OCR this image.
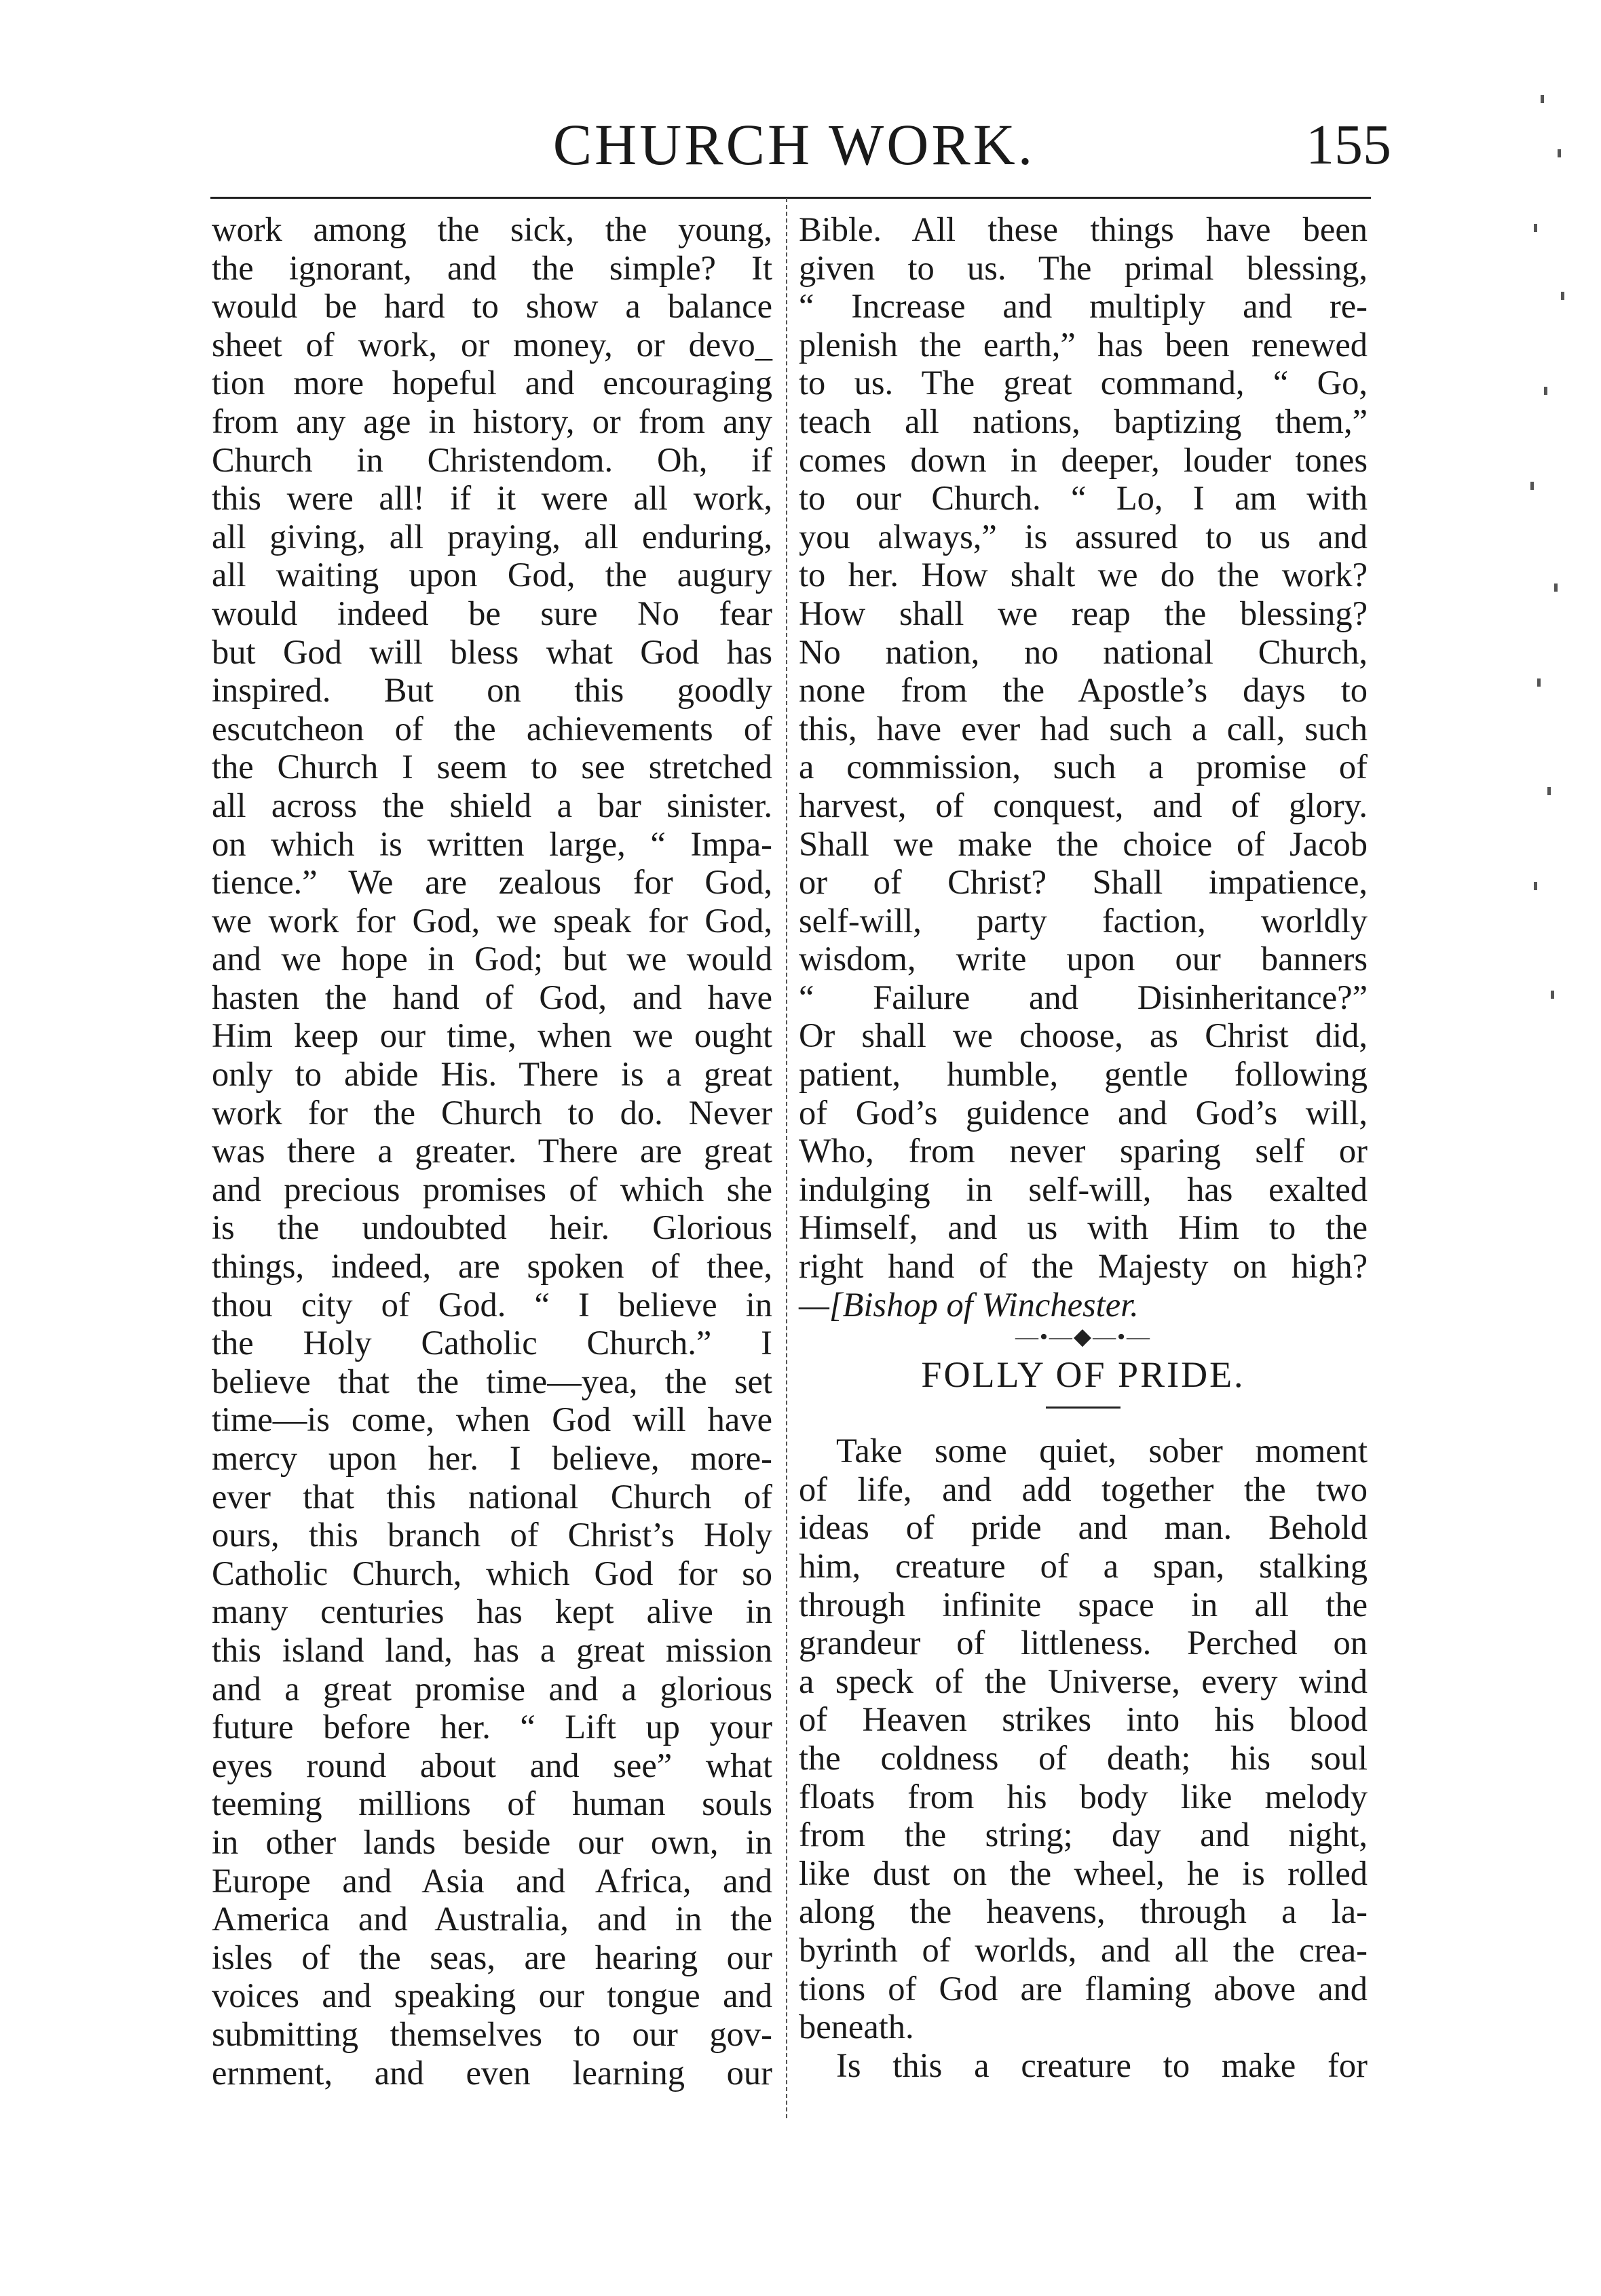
CHURCH WORK.	155
work among the sick, the young,
the ignorant, and the simple? It
would be hard to show a balance
sheet of work, or money, or devo_
tion more hopeful and encouraging
from any age in history, or from any
Church in Christendom. Oh, if
this were all! if it were all work,
all giving, all praying, all enduring,
all waiting upon God, the augury
would indeed be sure No fear
but God will bless what God has
inspired. But on this goodly
escutcheon of the achievements of
the Church I seem to see stretched
all across the shield a bar sinister.
on which is written large, “ Impa-
tience.” We are zealous for God,
we work for God, we speak for God,
and we hope in God; but we would
hasten the hand of God, and have
Him keep our time, when we ought
only to abide His. There is a great
work for the Church to do. Never
was there a greater. There are great
and precious promises of which she
is the undoubted heir. Glorious
things, indeed, are spoken of thee,
thou city of God. “ I believe in
the Holy Catholic Church.” I
believe that the time—yea, the set
time—is come, when God will have
mercy upon her. I believe, more-
ever that this national Church of
ours, this branch of Christ’s Holy
Catholic Church, which God for so
many centuries has kept alive in
this island land, has a great mission
and a great promise and a glorious
future before her. “ Lift up your
eyes round about and see” what
teeming millions of human souls
in other lands beside our own, in
Europe and Asia and Africa, and
America and Australia, and in the
isles of the seas, are hearing our
voices and speaking our tongue and
submitting themselves to our gov-
ernment, and even learning our
Bible. All these things have been
given to us. The primal blessing,
“ Increase and multiply and re-
plenish the earth,” has been renewed
to us. The great command, “ Go,
teach all nations, baptizing them,”
comes down in deeper, louder tones
to our Church. “ Lo, I am with
you always,” is assured to us and
to her. How shalt we do the work?
How shall we reap the blessing?
No nation, no national Church,
none from the Apostle’s days to
this, have ever had such a call, such
a commission, such a promise of
harvest, of conquest, and of glory.
Shall we make the choice of Jacob
or of Christ? Shall impatience,
self-will, party faction, worldly
wisdom, write upon our banners
“ Failure and Disinheritance?”
Or shall we choose, as Christ did,
patient, humble, gentle following
of God’s guidence and God’s will,
Who, from never sparing self or
indulging in self-will, has exalted
Himself, and us with Him to the
right hand of the Majesty on high?
—[Bishop of Winchester.
—•—◆—•—
FOLLY OF PRIDE.
Take some quiet, sober moment
of life, and add together the two
ideas of pride and man. Behold
him, creature of a span, stalking
through infinite space in all the
grandeur of littleness. Perched on
a speck of the Universe, every wind
of Heaven strikes into his blood
the coldness of death; his soul
floats from his body like melody
from the string; day and night,
like dust on the wheel, he is rolled
along the heavens, through a la-
byrinth of worlds, and all the crea-
tions of God are flaming above and
beneath.
Is this a creature to make for
